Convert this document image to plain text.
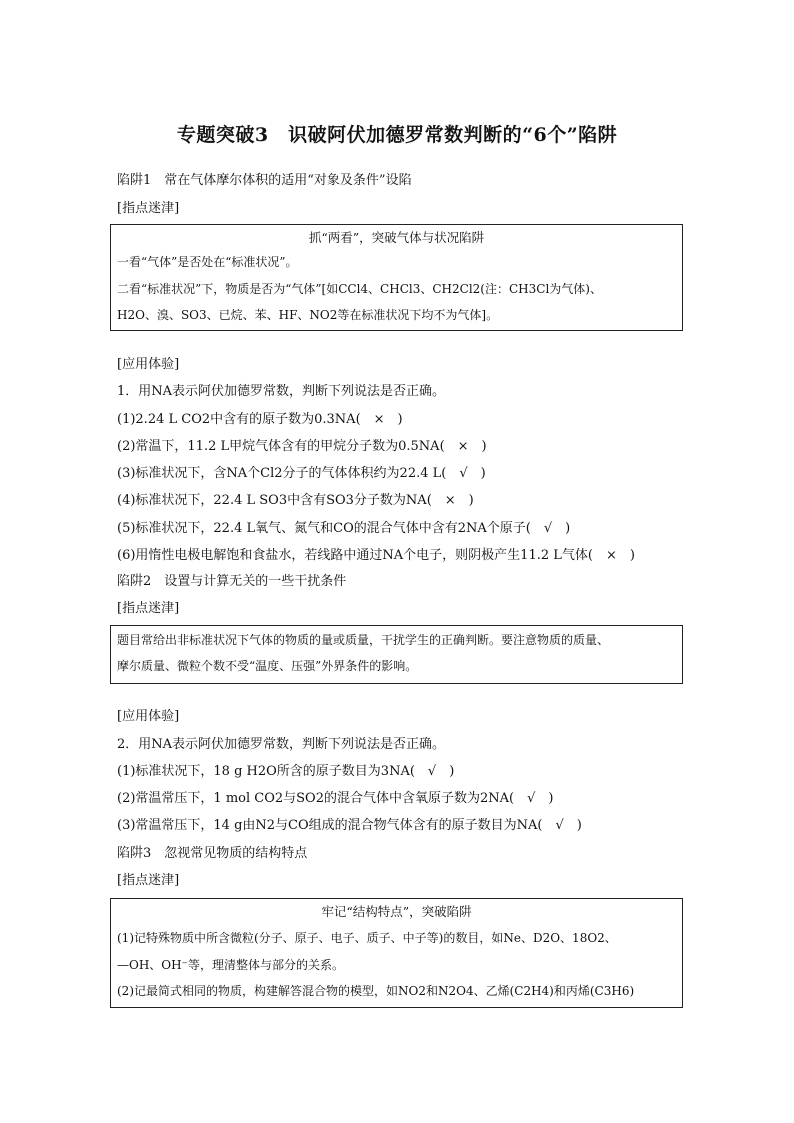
专题突破3　识破阿伏加德罗常数判断的“6个”陷阱
陷阱1　常在气体摩尔体积的适用“对象及条件”设陷
[指点迷津]
抓“两看”，突破气体与状况陷阱
一看“气体”是否处在“标准状况”。
二看“标准状况”下，物质是否为“气体”[如CCl4、CHCl3、CH2Cl2(注：CH3Cl为气体)、
H2O、溴、SO3、已烷、苯、HF、NO2等在标准状况下均不为气体]。
[应用体验]
1．用NA表示阿伏加德罗常数，判断下列说法是否正确。
(1)2.24 L CO2中含有的原子数为0.3NA(　×　)
(2)常温下，11.2 L甲烷气体含有的甲烷分子数为0.5NA(　×　)
(3)标准状况下，含NA个Cl2分子的气体体积约为22.4 L(　√　)
(4)标准状况下，22.4 L SO3中含有SO3分子数为NA(　×　)
(5)标准状况下，22.4 L氧气、氮气和CO的混合气体中含有2NA个原子(　√　)
(6)用惰性电极电解饱和食盐水，若线路中通过NA个电子，则阴极产生11.2 L气体(　×　)
陷阱2　设置与计算无关的一些干扰条件
[指点迷津]
题目常给出非标准状况下气体的物质的量或质量，干扰学生的正确判断。要注意物质的质量、
摩尔质量、微粒个数不受“温度、压强”外界条件的影响。
[应用体验]
2．用NA表示阿伏加德罗常数，判断下列说法是否正确。
(1)标准状况下，18 g H2O所含的原子数目为3NA(　√　)
(2)常温常压下，1 mol CO2与SO2的混合气体中含氧原子数为2NA(　√　)
(3)常温常压下，14 g由N2与CO组成的混合物气体含有的原子数目为NA(　√　)
陷阱3　忽视常见物质的结构特点
[指点迷津]
牢记“结构特点”，突破陷阱
(1)记特殊物质中所含微粒(分子、原子、电子、质子、中子等)的数目，如Ne、D2O、18O2、
—OH、OH⁻等，理清整体与部分的关系。
(2)记最简式相同的物质，构建解答混合物的模型，如NO2和N2O4、乙烯(C2H4)和丙烯(C3H6)
